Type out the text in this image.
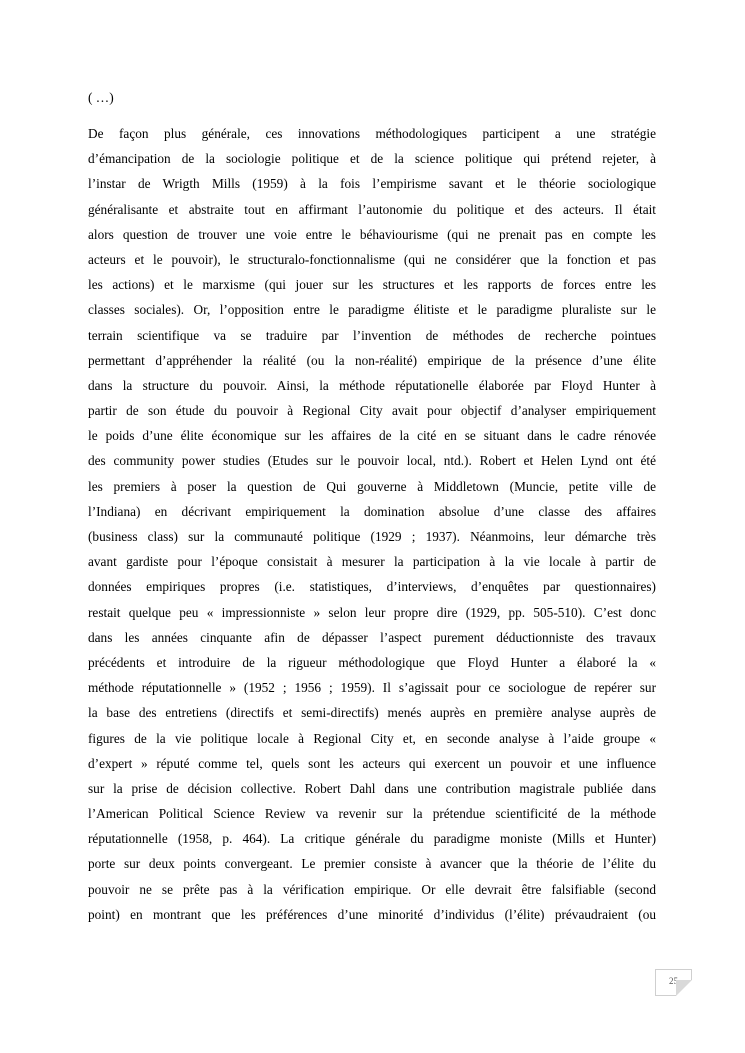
( …)
De façon plus générale, ces innovations méthodologiques participent a une stratégie
d’émancipation de la sociologie politique et de la science politique qui prétend rejeter, à
l’instar de Wrigth Mills (1959) à la fois l’empirisme savant et le théorie sociologique
généralisante et abstraite tout en affirmant l’autonomie du politique et des acteurs. Il était
alors question de trouver une voie entre le béhaviourisme (qui ne prenait pas en compte les
acteurs et le pouvoir), le structuralo-fonctionnalisme (qui ne considérer que la fonction et pas
les actions) et le marxisme (qui jouer sur les structures et les rapports de forces entre les
classes sociales). Or, l’opposition entre le paradigme élitiste et le paradigme pluraliste sur le
terrain scientifique va se traduire par l’invention de méthodes de recherche pointues
permettant d’appréhender la réalité (ou la non-réalité) empirique de la présence d’une élite
dans la structure du pouvoir. Ainsi, la méthode réputationelle élaborée par Floyd Hunter à
partir de son étude du pouvoir à Regional City avait pour objectif d’analyser empiriquement
le poids d’une élite économique sur les affaires de la cité en se situant dans le cadre rénovée
des community power studies (Etudes sur le pouvoir local, ntd.). Robert et Helen Lynd ont été
les premiers à poser la question de Qui gouverne à Middletown (Muncie, petite ville de
l’Indiana) en décrivant empiriquement la domination absolue d’une classe des affaires
(business class) sur la communauté politique (1929 ; 1937). Néanmoins, leur démarche très
avant gardiste pour l’époque consistait à mesurer la participation à la vie locale à partir de
données empiriques propres (i.e. statistiques, d’interviews, d’enquêtes par questionnaires)
restait quelque peu « impressionniste » selon leur propre dire (1929, pp. 505-510). C’est donc
dans les années cinquante afin de dépasser l’aspect purement déductionniste des travaux
précédents et introduire de la rigueur méthodologique que Floyd Hunter a élaboré la «
méthode réputationnelle » (1952 ; 1956 ; 1959). Il s’agissait pour ce sociologue de repérer sur
la base des entretiens (directifs et semi-directifs) menés auprès en première analyse auprès de
figures de la vie politique locale à Regional City et, en seconde analyse à l’aide groupe «
d’expert » réputé comme tel, quels sont les acteurs qui exercent un pouvoir et une influence
sur la prise de décision collective. Robert Dahl dans une contribution magistrale publiée dans
l’American Political Science Review va revenir sur la prétendue scientificité de la méthode
réputationnelle (1958, p. 464). La critique générale du paradigme moniste (Mills et Hunter)
porte sur deux points convergeant. Le premier consiste à avancer que la théorie de l’élite du
pouvoir ne se prête pas à la vérification empirique. Or elle devrait être falsifiable (second
point) en montrant que les préférences d’une minorité d’individus (l’élite) prévaudraient (ou
25
